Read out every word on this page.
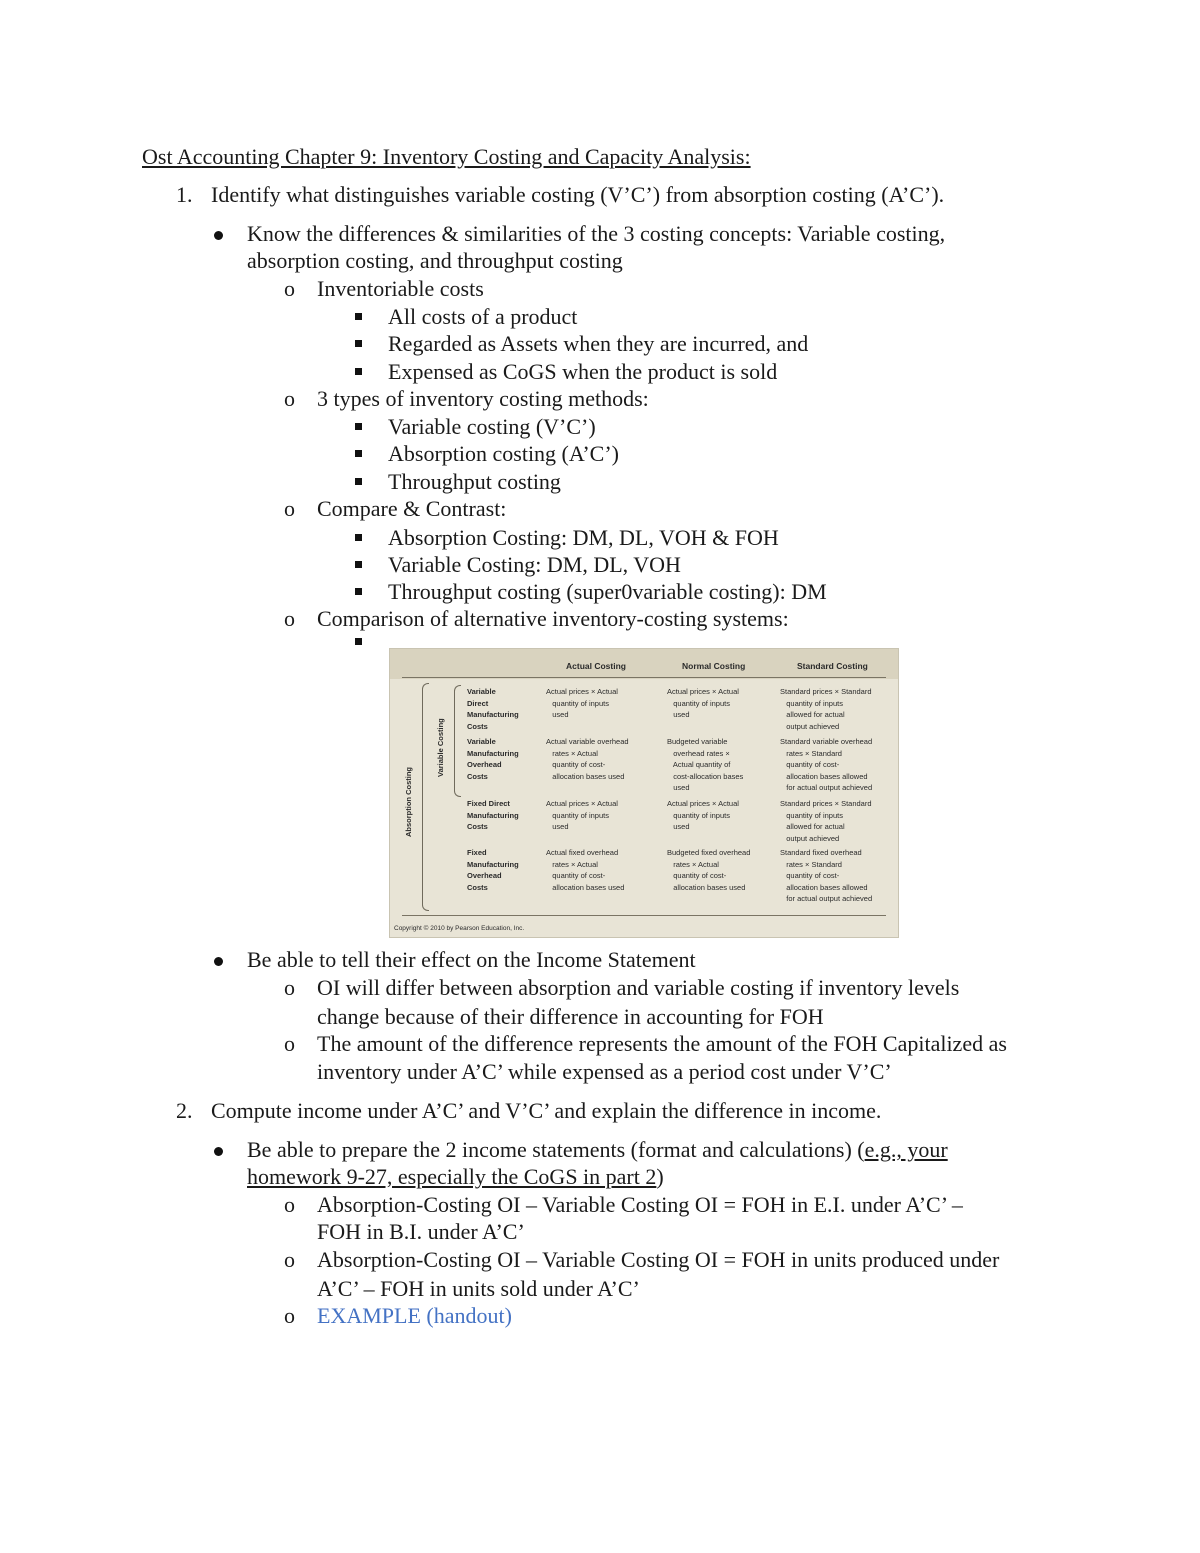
Ost Accounting Chapter 9: Inventory Costing and Capacity Analysis:
1. Identify what distinguishes variable costing (V’C’) from absorption costing (A’C’).
Know the differences & similarities of the 3 costing concepts: Variable costing,
absorption costing, and throughput costing
o Inventoriable costs
All costs of a product
Regarded as Assets when they are incurred, and
Expensed as CoGS when the product is sold
o 3 types of inventory costing methods:
Variable costing (V’C’)
Absorption costing (A’C’)
Throughput costing
o Compare & Contrast:
Absorption Costing: DM, DL, VOH & FOH
Variable Costing: DM, DL, VOH
Throughput costing (super0variable costing): DM
o Comparison of alternative inventory-costing systems:
Actual Costing	Normal Costing	Standard Costing
Absorption Costing
Variable Costing
Variable
Direct
Manufacturing
Costs
Actual prices × Actual
quantity of inputs
used
Actual prices × Actual
quantity of inputs
used
Standard prices × Standard
quantity of inputs
allowed for actual
output achieved
Variable
Manufacturing
Overhead
Costs
Actual variable overhead
rates × Actual
quantity of cost-
allocation bases used
Budgeted variable
overhead rates ×
Actual quantity of
cost-allocation bases
used
Standard variable overhead
rates × Standard
quantity of cost-
allocation bases allowed
for actual output achieved
Fixed Direct
Manufacturing
Costs
Actual prices × Actual
quantity of inputs
used
Actual prices × Actual
quantity of inputs
used
Standard prices × Standard
quantity of inputs
allowed for actual
output achieved
Fixed
Manufacturing
Overhead
Costs
Actual fixed overhead
rates × Actual
quantity of cost-
allocation bases used
Budgeted fixed overhead
rates × Actual
quantity of cost-
allocation bases used
Standard fixed overhead
rates × Standard
quantity of cost-
allocation bases allowed
for actual output achieved
Copyright © 2010 by Pearson Education, Inc.
Be able to tell their effect on the Income Statement
o OI will differ between absorption and variable costing if inventory levels
change because of their difference in accounting for FOH
o The amount of the difference represents the amount of the FOH Capitalized as
inventory under A’C’ while expensed as a period cost under V’C’
2. Compute income under A’C’ and V’C’ and explain the difference in income.
Be able to prepare the 2 income statements (format and calculations) (e.g., your
homework 9-27, especially the CoGS in part 2)
o Absorption-Costing OI – Variable Costing OI = FOH in E.I. under A’C’ –
FOH in B.I. under A’C’
o Absorption-Costing OI – Variable Costing OI = FOH in units produced under
A’C’ – FOH in units sold under A’C’
o EXAMPLE (handout)
